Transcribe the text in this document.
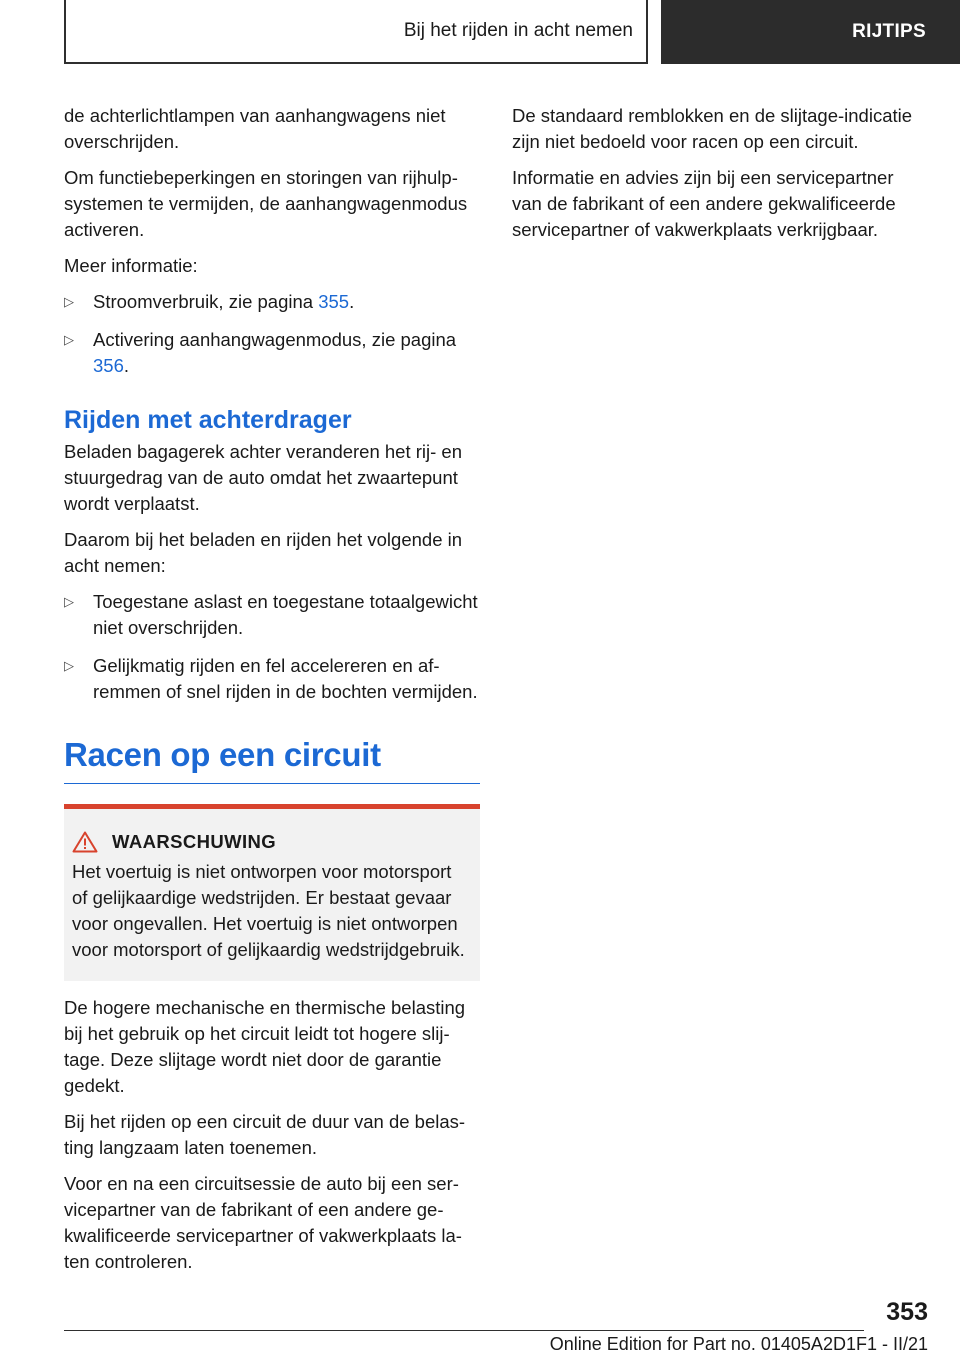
Bij het rijden in acht nemen	RIJTIPS

de achterlichtlampen van aanhangwagens niet overschrijden.

Om functiebeperkingen en storingen van rijhulpsystemen te vermijden, de aanhangwagenmodus activeren.

Meer informatie:

▷ Stroomverbruik, zie pagina 355.
▷ Activering aanhangwagenmodus, zie pagina 356.
Rijden met achterdrager

Beladen bagagerek achter veranderen het rij- en stuurgedrag van de auto omdat het zwaartepunt wordt verplaatst.

Daarom bij het beladen en rijden het volgende in acht nemen:

▷ Toegestane aslast en toegestane totaalgewicht niet overschrijden.
▷ Gelijkmatig rijden en fel accelereren en afremmen of snel rijden in de bochten vermijden.
Racen op een circuit
WAARSCHUWING

Het voertuig is niet ontworpen voor motorsport of gelijkaardige wedstrijden. Er bestaat gevaar voor ongevallen. Het voertuig is niet ontworpen voor motorsport of gelijkaardig wedstrijdgebruik.

De hogere mechanische en thermische belasting bij het gebruik op het circuit leidt tot hogere slijtage. Deze slijtage wordt niet door de garantie gedekt.

Bij het rijden op een circuit de duur van de belasting langzaam laten toenemen.

Voor en na een circuitsessie de auto bij een servicepartner van de fabrikant of een andere gekwalificeerde servicepartner of vakwerkplaats laten controleren.

De standaard remblokken en de slijtage-indicatie zijn niet bedoeld voor racen op een circuit.

Informatie en advies zijn bij een servicepartner van de fabrikant of een andere gekwalificeerde servicepartner of vakwerkplaats verkrijgbaar.

353
Online Edition for Part no. 01405A2D1F1 - II/21
